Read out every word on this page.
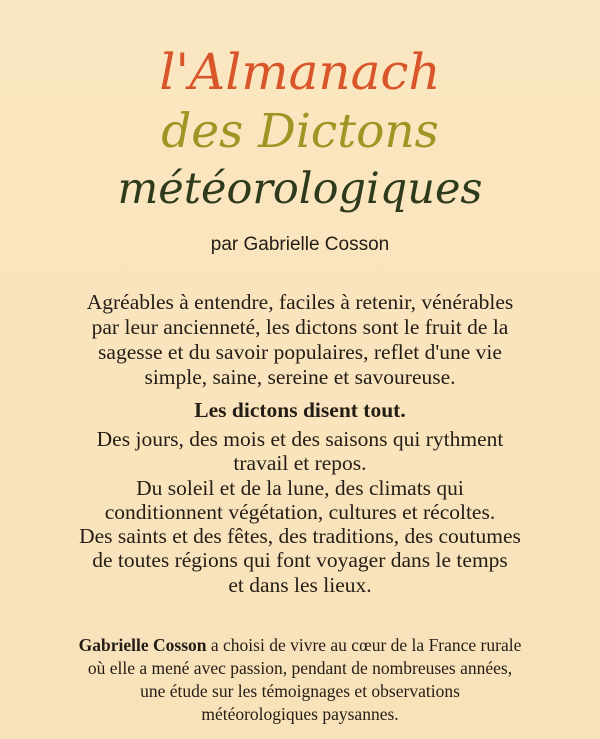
l'Almanach
des Dictons
météorologiques
par Gabrielle Cosson
Agréables à entendre, faciles à retenir, vénérables
par leur ancienneté, les dictons sont le fruit de la
sagesse et du savoir populaires, reflet d'une vie
simple, saine, sereine et savoureuse.
Les dictons disent tout.
Des jours, des mois et des saisons qui rythment
travail et repos.
Du soleil et de la lune, des climats qui
conditionnent végétation, cultures et récoltes.
Des saints et des fêtes, des traditions, des coutumes
de toutes régions qui font voyager dans le temps
et dans les lieux.
Gabrielle Cosson a choisi de vivre au cœur de la France rurale
où elle a mené avec passion, pendant de nombreuses années,
une étude sur les témoignages et observations
météorologiques paysannes.
